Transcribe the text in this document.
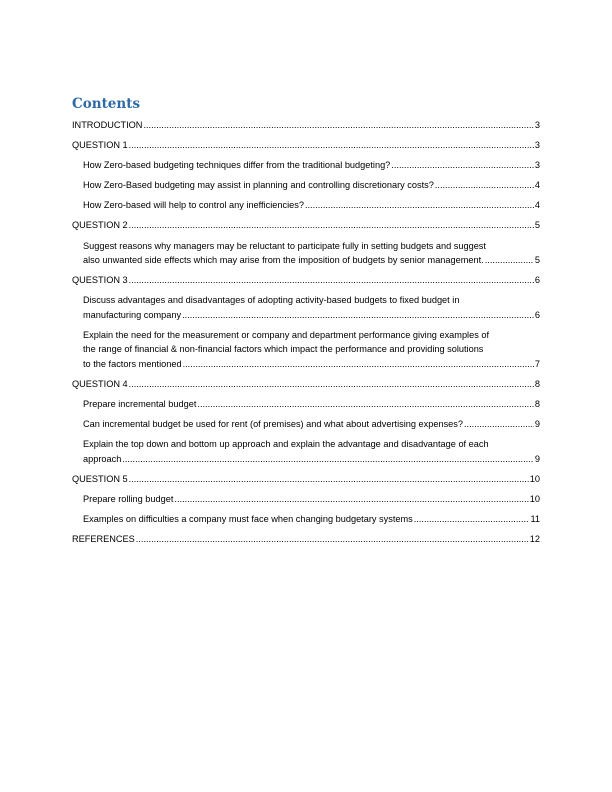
Contents
INTRODUCTION .....	3
QUESTION 1 .....	3
How Zero-based budgeting techniques differ from the traditional budgeting? .....	3
How Zero-Based budgeting may assist in planning and controlling discretionary costs? .....	4
How Zero-based will help to control any inefficiencies? .....	4
QUESTION 2 .....	5
Suggest reasons why managers may be reluctant to participate fully in setting budgets and suggest
also unwanted side effects which may arise from the imposition of budgets by senior management. .....	5
QUESTION 3 .....	6
Discuss advantages and disadvantages of adopting activity-based budgets to fixed budget in
manufacturing company .....	6
Explain the need for the measurement or company and department performance giving examples of
the range of financial & non-financial factors which impact the performance and providing solutions
to the factors mentioned .....	7
QUESTION 4 .....	8
Prepare incremental budget .....	8
Can incremental budget be used for rent (of premises) and what about advertising expenses? .....	9
Explain the top down and bottom up approach and explain the advantage and disadvantage of each
approach .....	9
QUESTION 5 .....	10
Prepare rolling budget .....	10
Examples on difficulties a company must face when changing budgetary systems .....	11
REFERENCES .....	12
